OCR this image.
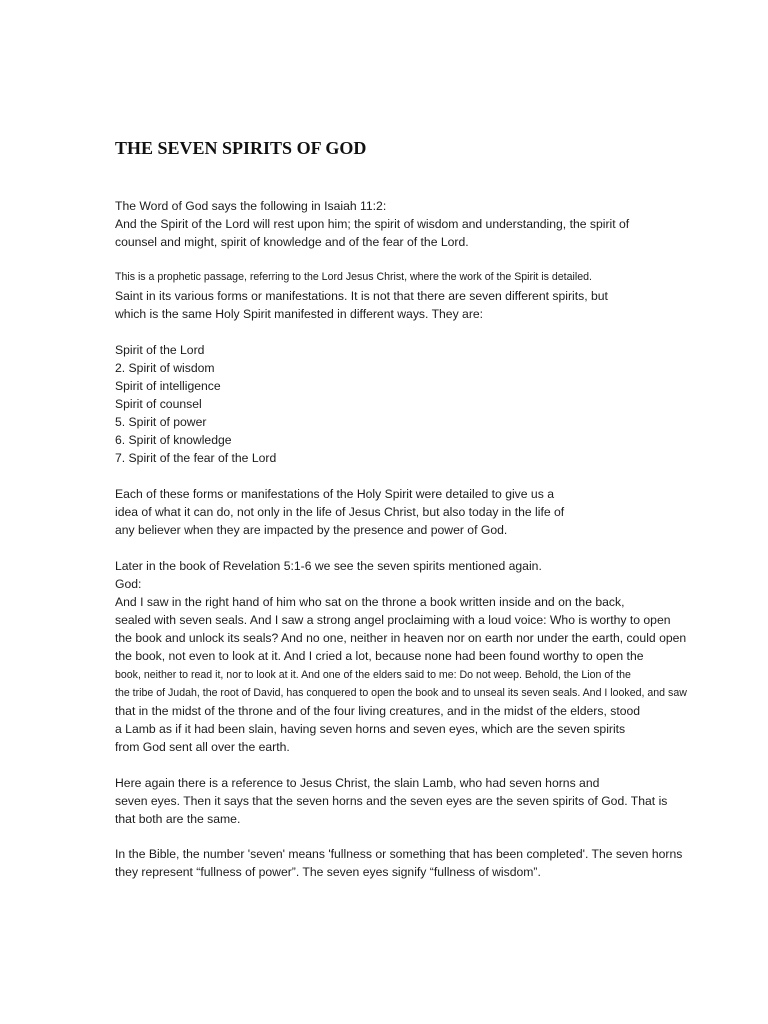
THE SEVEN SPIRITS OF GOD

The Word of God says the following in Isaiah 11:2:

And the Spirit of the Lord will rest upon him; the spirit of wisdom and understanding, the spirit of

counsel and might, spirit of knowledge and of the fear of the Lord.

This is a prophetic passage, referring to the Lord Jesus Christ, where the work of the Spirit is detailed.

Saint in its various forms or manifestations. It is not that there are seven different spirits, but

which is the same Holy Spirit manifested in different ways. They are:

Spirit of the Lord

2. Spirit of wisdom

Spirit of intelligence

Spirit of counsel

5. Spirit of power

6. Spirit of knowledge

7. Spirit of the fear of the Lord

Each of these forms or manifestations of the Holy Spirit were detailed to give us a

idea of what it can do, not only in the life of Jesus Christ, but also today in the life of

any believer when they are impacted by the presence and power of God.

Later in the book of Revelation 5:1-6 we see the seven spirits mentioned again.

God:

And I saw in the right hand of him who sat on the throne a book written inside and on the back,

sealed with seven seals. And I saw a strong angel proclaiming with a loud voice: Who is worthy to open

the book and unlock its seals? And no one, neither in heaven nor on earth nor under the earth, could open

the book, not even to look at it. And I cried a lot, because none had been found worthy to open the

book, neither to read it, nor to look at it. And one of the elders said to me: Do not weep. Behold, the Lion of the

the tribe of Judah, the root of David, has conquered to open the book and to unseal its seven seals. And I looked, and saw

that in the midst of the throne and of the four living creatures, and in the midst of the elders, stood

a Lamb as if it had been slain, having seven horns and seven eyes, which are the seven spirits

from God sent all over the earth.

Here again there is a reference to Jesus Christ, the slain Lamb, who had seven horns and

seven eyes. Then it says that the seven horns and the seven eyes are the seven spirits of God. That is

that both are the same.

In the Bible, the number 'seven' means 'fullness or something that has been completed'. The seven horns

they represent “fullness of power”. The seven eyes signify “fullness of wisdom”.
